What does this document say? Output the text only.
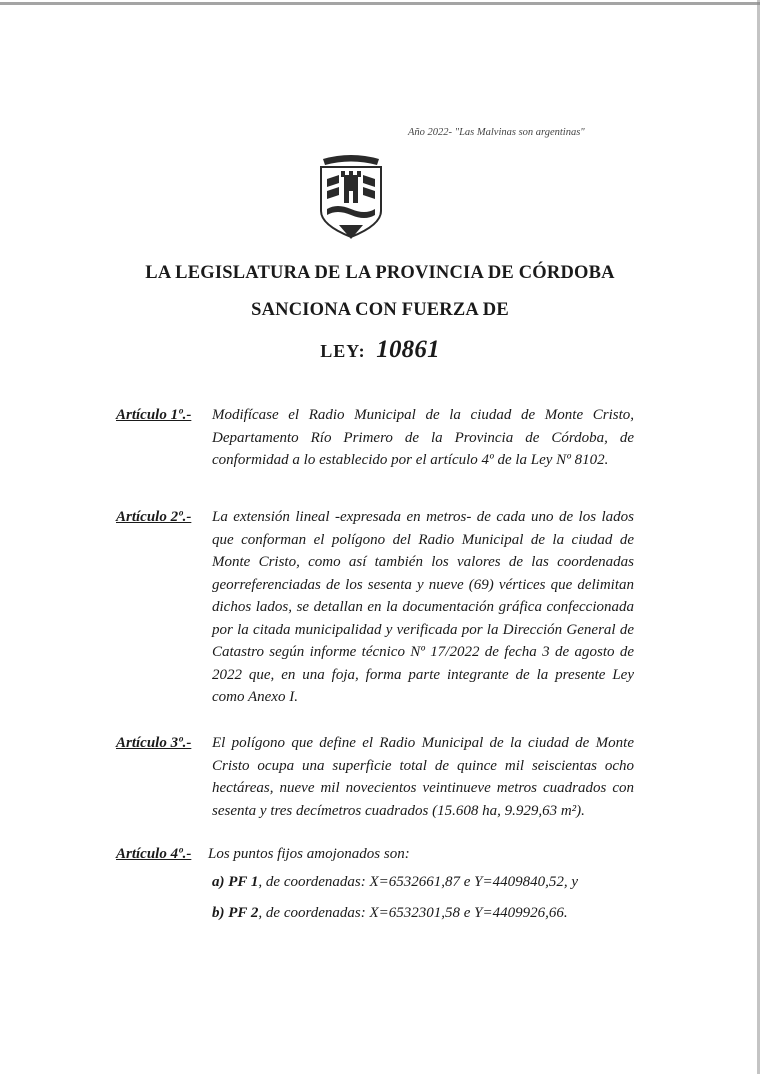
Año 2022- "Las Malvinas son argentinas"
LA LEGISLATURA DE LA PROVINCIA DE CÓRDOBA
SANCIONA CON FUERZA DE
LEY: 10861
Artículo 1º.- Modifícase el Radio Municipal de la ciudad de Monte Cristo, Departamento Río Primero de la Provincia de Córdoba, de conformidad a lo establecido por el artículo 4º de la Ley Nº 8102.
Artículo 2º.- La extensión lineal -expresada en metros- de cada uno de los lados que conforman el polígono del Radio Municipal de la ciudad de Monte Cristo, como así también los valores de las coordenadas georreferenciadas de los sesenta y nueve (69) vértices que delimitan dichos lados, se detallan en la documentación gráfica confeccionada por la citada municipalidad y verificada por la Dirección General de Catastro según informe técnico Nº 17/2022 de fecha 3 de agosto de 2022 que, en una foja, forma parte integrante de la presente Ley como Anexo I.
Artículo 3º.- El polígono que define el Radio Municipal de la ciudad de Monte Cristo ocupa una superficie total de quince mil seiscientas ocho hectáreas, nueve mil novecientos veintinueve metros cuadrados con sesenta y tres decímetros cuadrados (15.608 ha, 9.929,63 m²).
Artículo 4º.- Los puntos fijos amojonados son:
a) PF 1, de coordenadas: X=6532661,87 e Y=4409840,52, y
b) PF 2, de coordenadas: X=6532301,58 e Y=4409926,66.
